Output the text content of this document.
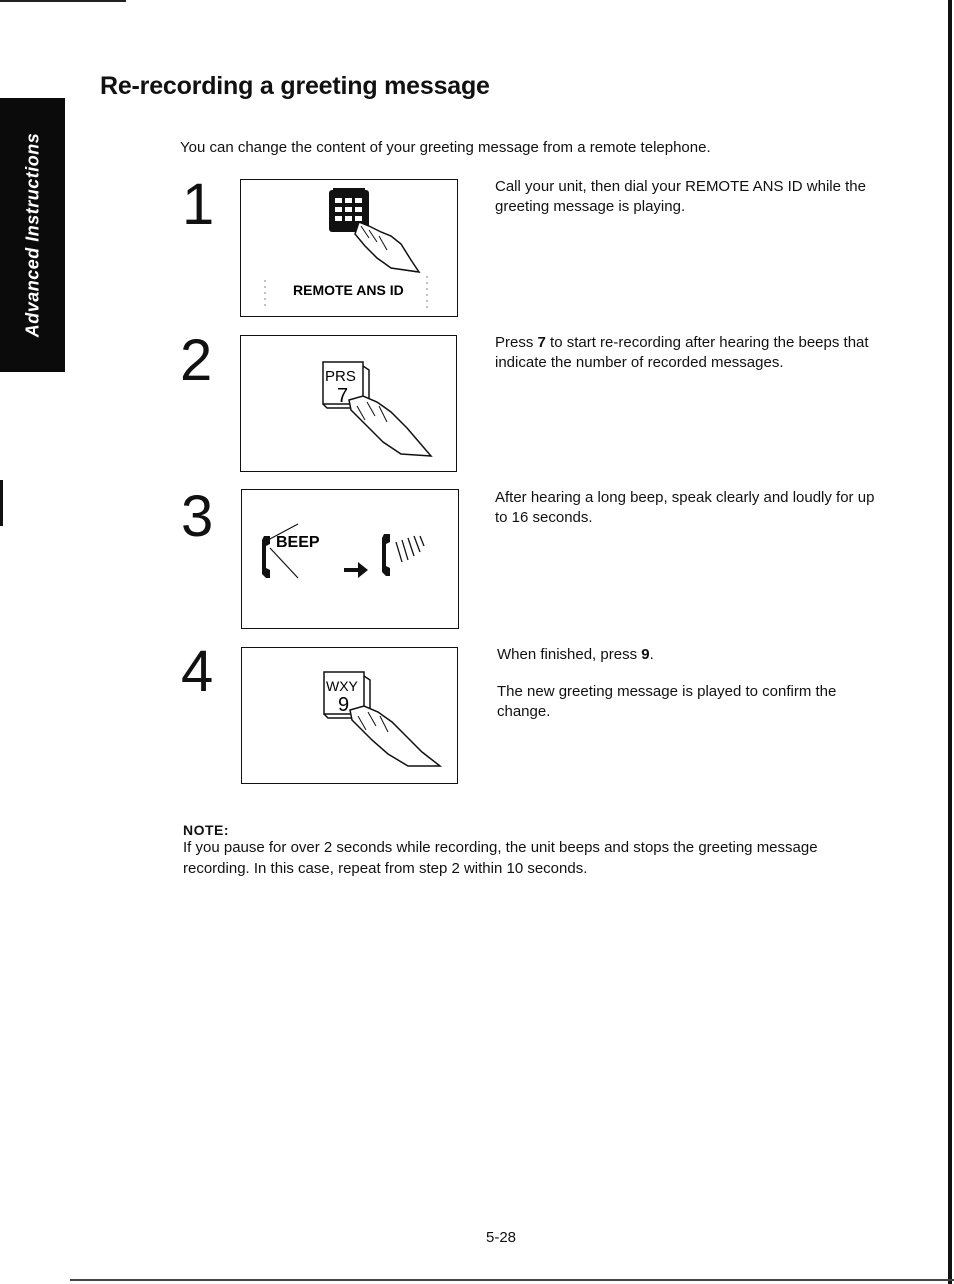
Advanced Instructions
Re-recording a greeting message

You can change the content of your greeting message from a remote telephone.

1
REMOTE ANS ID

Call your unit, then dial your REMOTE ANS ID while the greeting message is playing.

2	PRS
7

Press 7 to start re-recording after hearing the beeps that indicate the number of recorded messages.

3	BEEP

After hearing a long beep, speak clearly and loudly for up to 16 seconds.

4	WXY
9

When finished, press 9.

The new greeting message is played to confirm the change.

NOTE:

If you pause for over 2 seconds while recording, the unit beeps and stops the greeting message recording. In this case, repeat from step 2 within 10 seconds.

5-28
